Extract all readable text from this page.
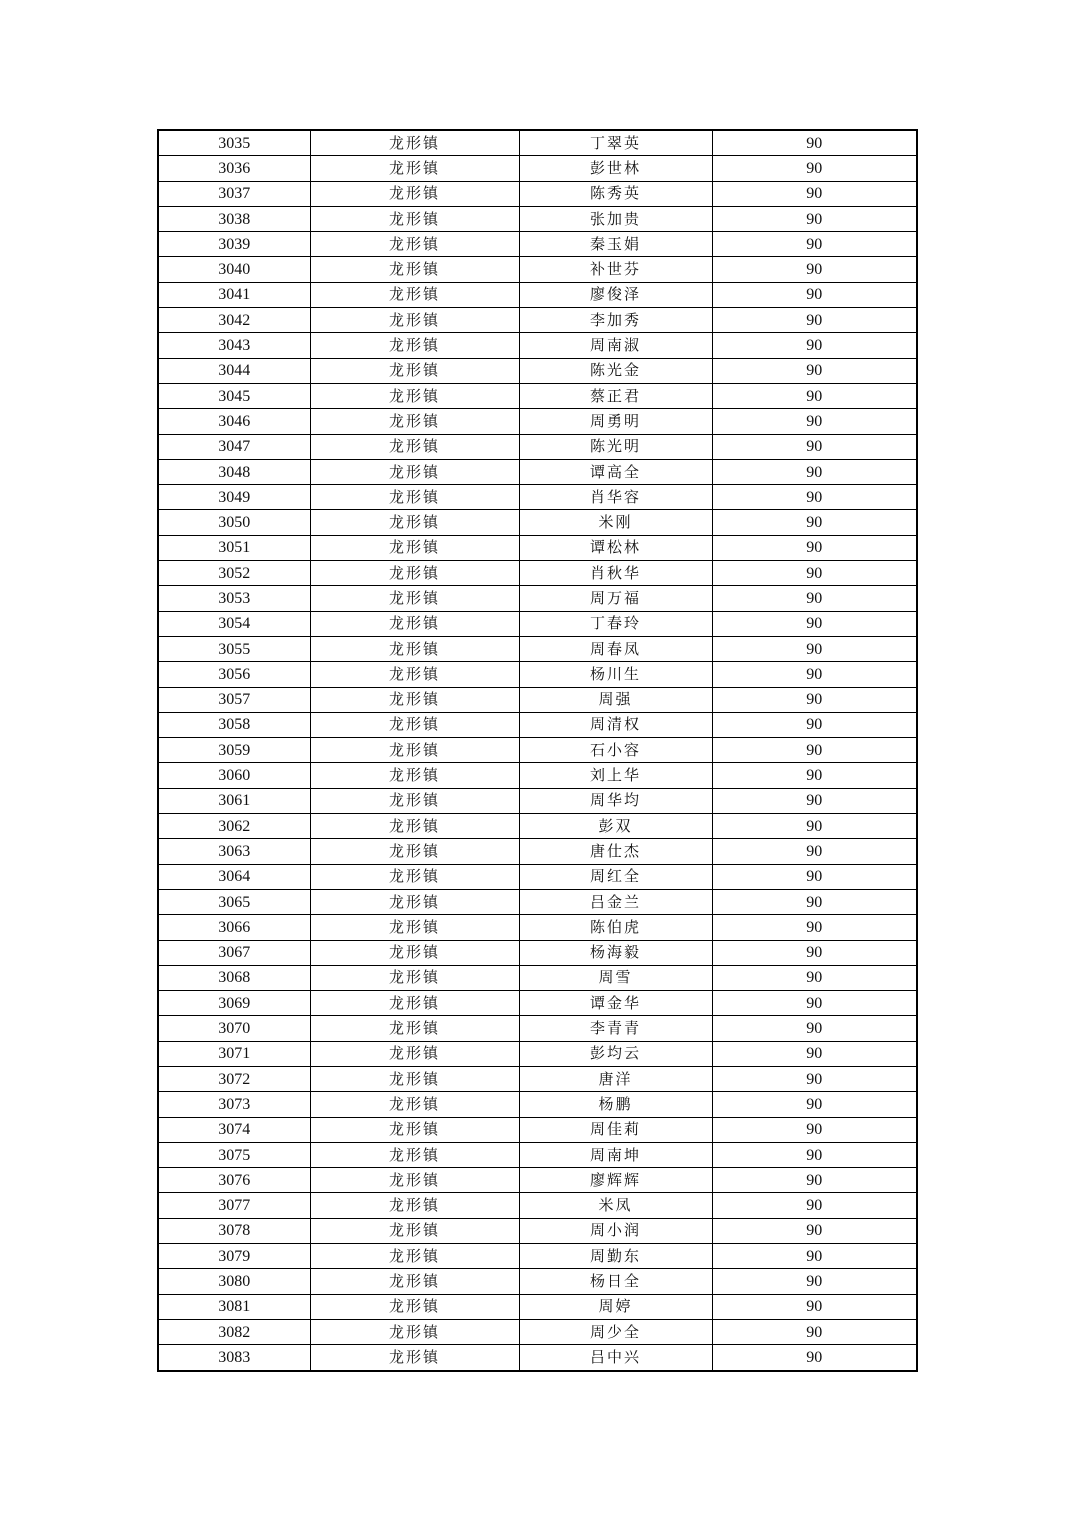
3035	龙形镇	丁翠英	90
3036	龙形镇	彭世林	90
3037	龙形镇	陈秀英	90
3038	龙形镇	张加贵	90
3039	龙形镇	秦玉娟	90
3040	龙形镇	补世芬	90
3041	龙形镇	廖俊泽	90
3042	龙形镇	李加秀	90
3043	龙形镇	周南淑	90
3044	龙形镇	陈光金	90
3045	龙形镇	蔡正君	90
3046	龙形镇	周勇明	90
3047	龙形镇	陈光明	90
3048	龙形镇	谭高全	90
3049	龙形镇	肖华容	90
3050	龙形镇	米刚	90
3051	龙形镇	谭松林	90
3052	龙形镇	肖秋华	90
3053	龙形镇	周万福	90
3054	龙形镇	丁春玲	90
3055	龙形镇	周春凤	90
3056	龙形镇	杨川生	90
3057	龙形镇	周强	90
3058	龙形镇	周清权	90
3059	龙形镇	石小容	90
3060	龙形镇	刘上华	90
3061	龙形镇	周华均	90
3062	龙形镇	彭双	90
3063	龙形镇	唐仕杰	90
3064	龙形镇	周红全	90
3065	龙形镇	吕金兰	90
3066	龙形镇	陈伯虎	90
3067	龙形镇	杨海毅	90
3068	龙形镇	周雪	90
3069	龙形镇	谭金华	90
3070	龙形镇	李青青	90
3071	龙形镇	彭均云	90
3072	龙形镇	唐洋	90
3073	龙形镇	杨鹏	90
3074	龙形镇	周佳莉	90
3075	龙形镇	周南坤	90
3076	龙形镇	廖辉辉	90
3077	龙形镇	米凤	90
3078	龙形镇	周小润	90
3079	龙形镇	周勤东	90
3080	龙形镇	杨日全	90
3081	龙形镇	周婷	90
3082	龙形镇	周少全	90
3083	龙形镇	吕中兴	90
